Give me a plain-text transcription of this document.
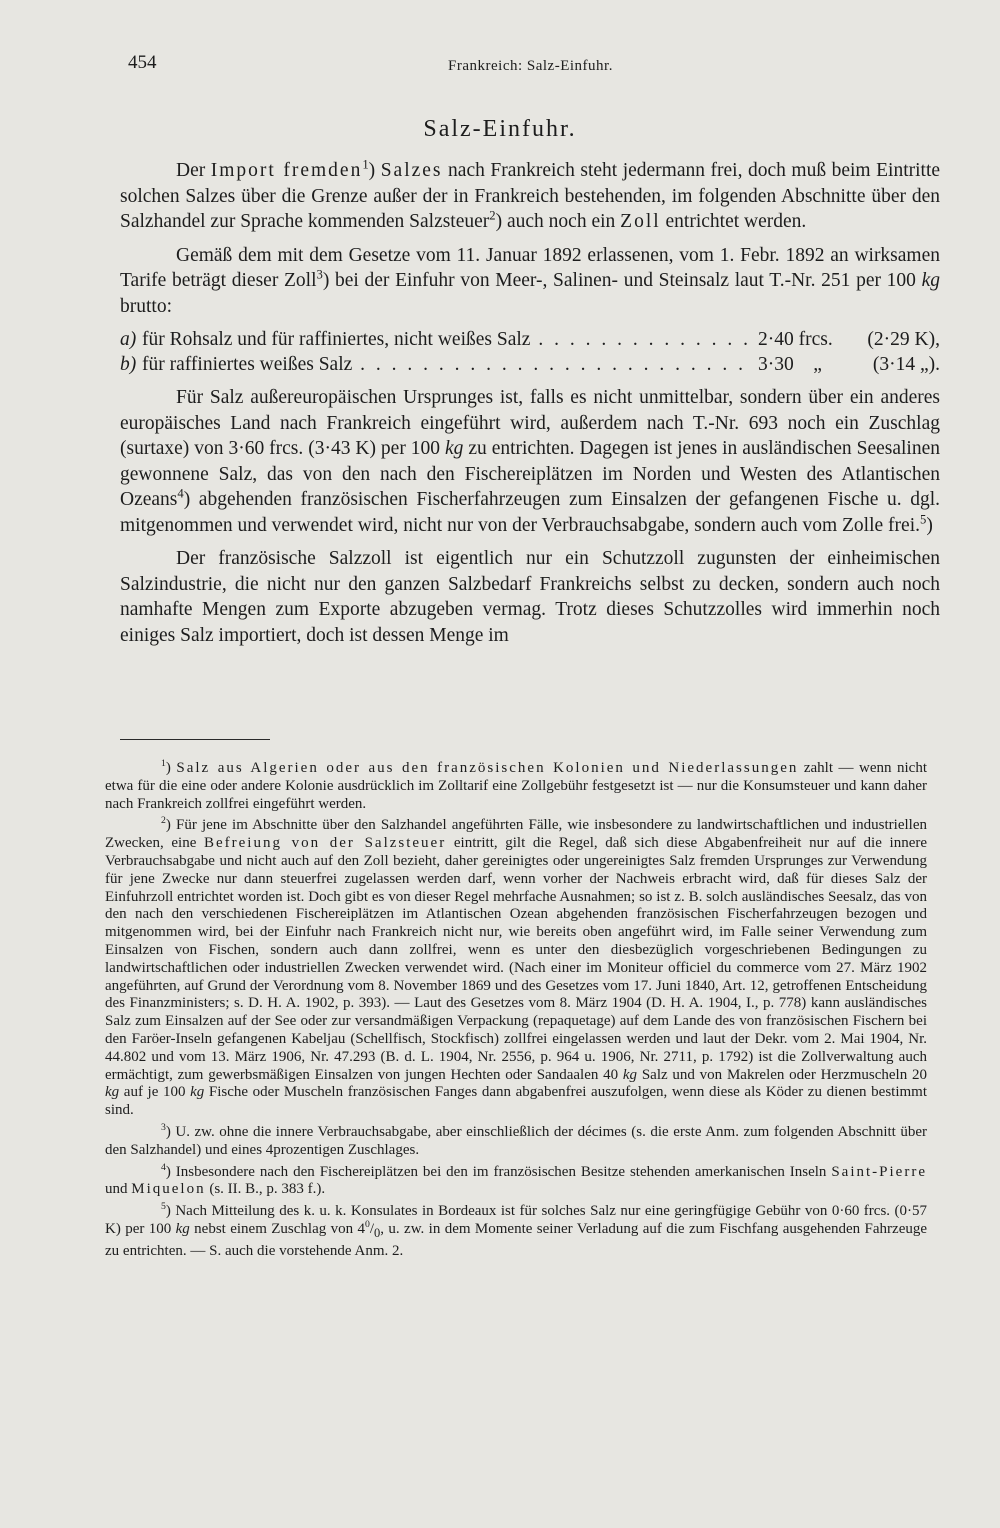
454	Frankreich: Salz-Einfuhr.
Salz-Einfuhr.

Der Import fremden$^1$) Salzes nach Frankreich steht jedermann frei, doch muß beim Eintritte solchen Salzes über die Grenze außer der in Frankreich bestehenden, im folgenden Abschnitte über den Salzhandel zur Sprache kommenden Salzsteuer$^2$) auch noch ein Zoll entrichtet werden.

Gemäß dem mit dem Gesetze vom 11. Januar 1892 erlassenen, vom 1. Febr. 1892 an wirksamen Tarife beträgt dieser Zoll$^3$) bei der Einfuhr von Meer-, Salinen- und Steinsalz laut T.-Nr. 251 per 100 kg brutto:

a) für Rohsalz und für raffiniertes, nicht weißes Salz . . .	2·40 frcs.	(2·29 K),
b) für raffiniertes weißes Salz . . .	3·30    „	(3·14 „).

Für Salz außereuropäischen Ursprunges ist, falls es nicht unmittelbar, sondern über ein anderes europäisches Land nach Frankreich eingeführt wird, außerdem nach T.-Nr. 693 noch ein Zuschlag (surtaxe) von 3·60 frcs. (3·43 K) per 100 kg zu entrichten. Dagegen ist jenes in ausländischen Seesalinen gewonnene Salz, das von den nach den Fischereiplätzen im Norden und Westen des Atlantischen Ozeans$^4$) abgehenden französischen Fischerfahrzeugen zum Einsalzen der gefangenen Fische u. dgl. mitgenommen und verwendet wird, nicht nur von der Verbrauchsabgabe, sondern auch vom Zolle frei.$^5$)

Der französische Salzzoll ist eigentlich nur ein Schutzzoll zugunsten der einheimischen Salzindustrie, die nicht nur den ganzen Salzbedarf Frankreichs selbst zu decken, sondern auch noch namhafte Mengen zum Exporte abzugeben vermag. Trotz dieses Schutzzolles wird immerhin noch einiges Salz importiert, doch ist dessen Menge im

$^1$) Salz aus Algerien oder aus den französischen Kolonien und Niederlassungen zahlt — wenn nicht etwa für die eine oder andere Kolonie ausdrücklich im Zolltarif eine Zollgebühr festgesetzt ist — nur die Konsumsteuer und kann daher nach Frankreich zollfrei eingeführt werden.

$^2$) Für jene im Abschnitte über den Salzhandel angeführten Fälle, wie insbesondere zu landwirtschaftlichen und industriellen Zwecken, eine Befreiung von der Salzsteuer eintritt, gilt die Regel, daß sich diese Abgabenfreiheit nur auf die innere Verbrauchsabgabe und nicht auch auf den Zoll bezieht, daher gereinigtes oder ungereinigtes Salz fremden Ursprunges zur Verwendung für jene Zwecke nur dann steuerfrei zugelassen werden darf, wenn vorher der Nachweis erbracht wird, daß für dieses Salz der Einfuhrzoll entrichtet worden ist. Doch gibt es von dieser Regel mehrfache Ausnahmen; so ist z. B. solch ausländisches Seesalz, das von den nach den verschiedenen Fischereiplätzen im Atlantischen Ozean abgehenden französischen Fischerfahrzeugen bezogen und mitgenommen wird, bei der Einfuhr nach Frankreich nicht nur, wie bereits oben angeführt wird, im Falle seiner Verwendung zum Einsalzen von Fischen, sondern auch dann zollfrei, wenn es unter den diesbezüglich vorgeschriebenen Bedingungen zu landwirtschaftlichen oder industriellen Zwecken verwendet wird. (Nach einer im Moniteur officiel du commerce vom 27. März 1902 angeführten, auf Grund der Verordnung vom 8. November 1869 und des Gesetzes vom 17. Juni 1840, Art. 12, getroffenen Entscheidung des Finanzministers; s. D. H. A. 1902, p. 393). — Laut des Gesetzes vom 8. März 1904 (D. H. A. 1904, I., p. 778) kann ausländisches Salz zum Einsalzen auf der See oder zur versandmäßigen Verpackung (repaquetage) auf dem Lande des von französischen Fischern bei den Faröer-Inseln gefangenen Kabeljau (Schellfisch, Stockfisch) zollfrei eingelassen werden und laut der Dekr. vom 2. Mai 1904, Nr. 44.802 und vom 13. März 1906, Nr. 47.293 (B. d. L. 1904, Nr. 2556, p. 964 u. 1906, Nr. 2711, p. 1792) ist die Zollverwaltung auch ermächtigt, zum gewerbsmäßigen Einsalzen von jungen Hechten oder Sandaalen 40 kg Salz und von Makrelen oder Herzmuscheln 20 kg auf je 100 kg Fische oder Muscheln französischen Fanges dann abgabenfrei auszufolgen, wenn diese als Köder zu dienen bestimmt sind.

$^3$) U. zw. ohne die innere Verbrauchsabgabe, aber einschließlich der décimes (s. die erste Anm. zum folgenden Abschnitt über den Salzhandel) und eines 4prozentigen Zuschlages.

$^4$) Insbesondere nach den Fischereiplätzen bei den im französischen Besitze stehenden amerkanischen Inseln Saint-Pierre und Miquelon (s. II. B., p. 383 f.).

$^5$) Nach Mitteilung des k. u. k. Konsulates in Bordeaux ist für solches Salz nur eine geringfügige Gebühr von 0·60 frcs. (0·57 K) per 100 kg nebst einem Zuschlag von $4^0/_0$, u. zw. in dem Momente seiner Verladung auf die zum Fischfang ausgehenden Fahrzeuge zu entrichten. — S. auch die vorstehende Anm. 2.
